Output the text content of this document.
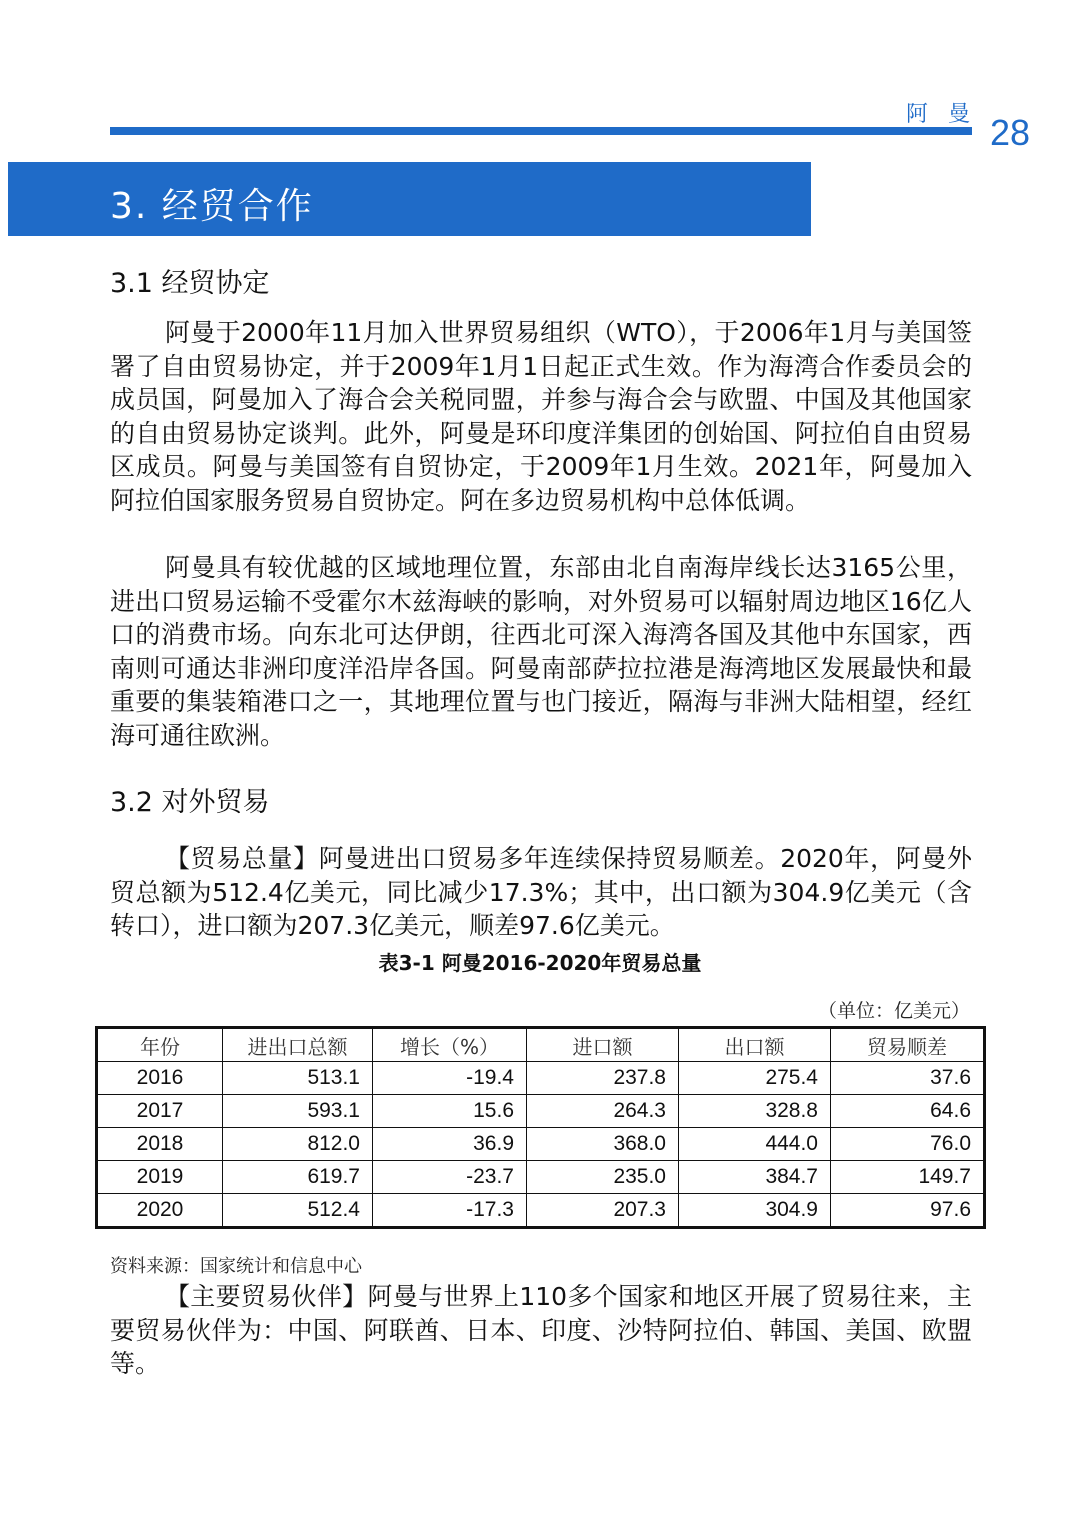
阿曼 28
3. 经贸合作
3.1 经贸协定

阿曼于2000年11月加入世界贸易组织（WTO），于2006年1月与美国签署了自由贸易协定，并于2009年1月1日起正式生效。作为海湾合作委员会的成员国，阿曼加入了海合会关税同盟，并参与海合会与欧盟、中国及其他国家的自由贸易协定谈判。此外，阿曼是环印度洋集团的创始国、阿拉伯自由贸易区成员。阿曼与美国签有自贸协定，于2009年1月生效。2021年，阿曼加入阿拉伯国家服务贸易自贸协定。阿在多边贸易机构中总体低调。

阿曼具有较优越的区域地理位置，东部由北自南海岸线长达3165公里，进出口贸易运输不受霍尔木兹海峡的影响，对外贸易可以辐射周边地区16亿人口的消费市场。向东北可达伊朗，往西北可深入海湾各国及其他中东国家，西南则可通达非洲印度洋沿岸各国。阿曼南部萨拉拉港是海湾地区发展最快和最重要的集装箱港口之一，其地理位置与也门接近，隔海与非洲大陆相望，经红海可通往欧洲。

3.2 对外贸易

【贸易总量】阿曼进出口贸易多年连续保持贸易顺差。2020年，阿曼外贸总额为512.4亿美元，同比减少17.3%；其中，出口额为304.9亿美元（含转口），进口额为207.3亿美元，顺差97.6亿美元。

表3-1 阿曼2016-2020年贸易总量
（单位：亿美元）
年份	进出口总额	增长（%）	进口额	出口额	贸易顺差
2016	513.1	-19.4	237.8	275.4	37.6
2017	593.1	15.6	264.3	328.8	64.6
2018	812.0	36.9	368.0	444.0	76.0
2019	619.7	-23.7	235.0	384.7	149.7
2020	512.4	-17.3	207.3	304.9	97.6
资料来源：国家统计和信息中心

【主要贸易伙伴】阿曼与世界上110多个国家和地区开展了贸易往来，主要贸易伙伴为：中国、阿联酋、日本、印度、沙特阿拉伯、韩国、美国、欧盟等。
